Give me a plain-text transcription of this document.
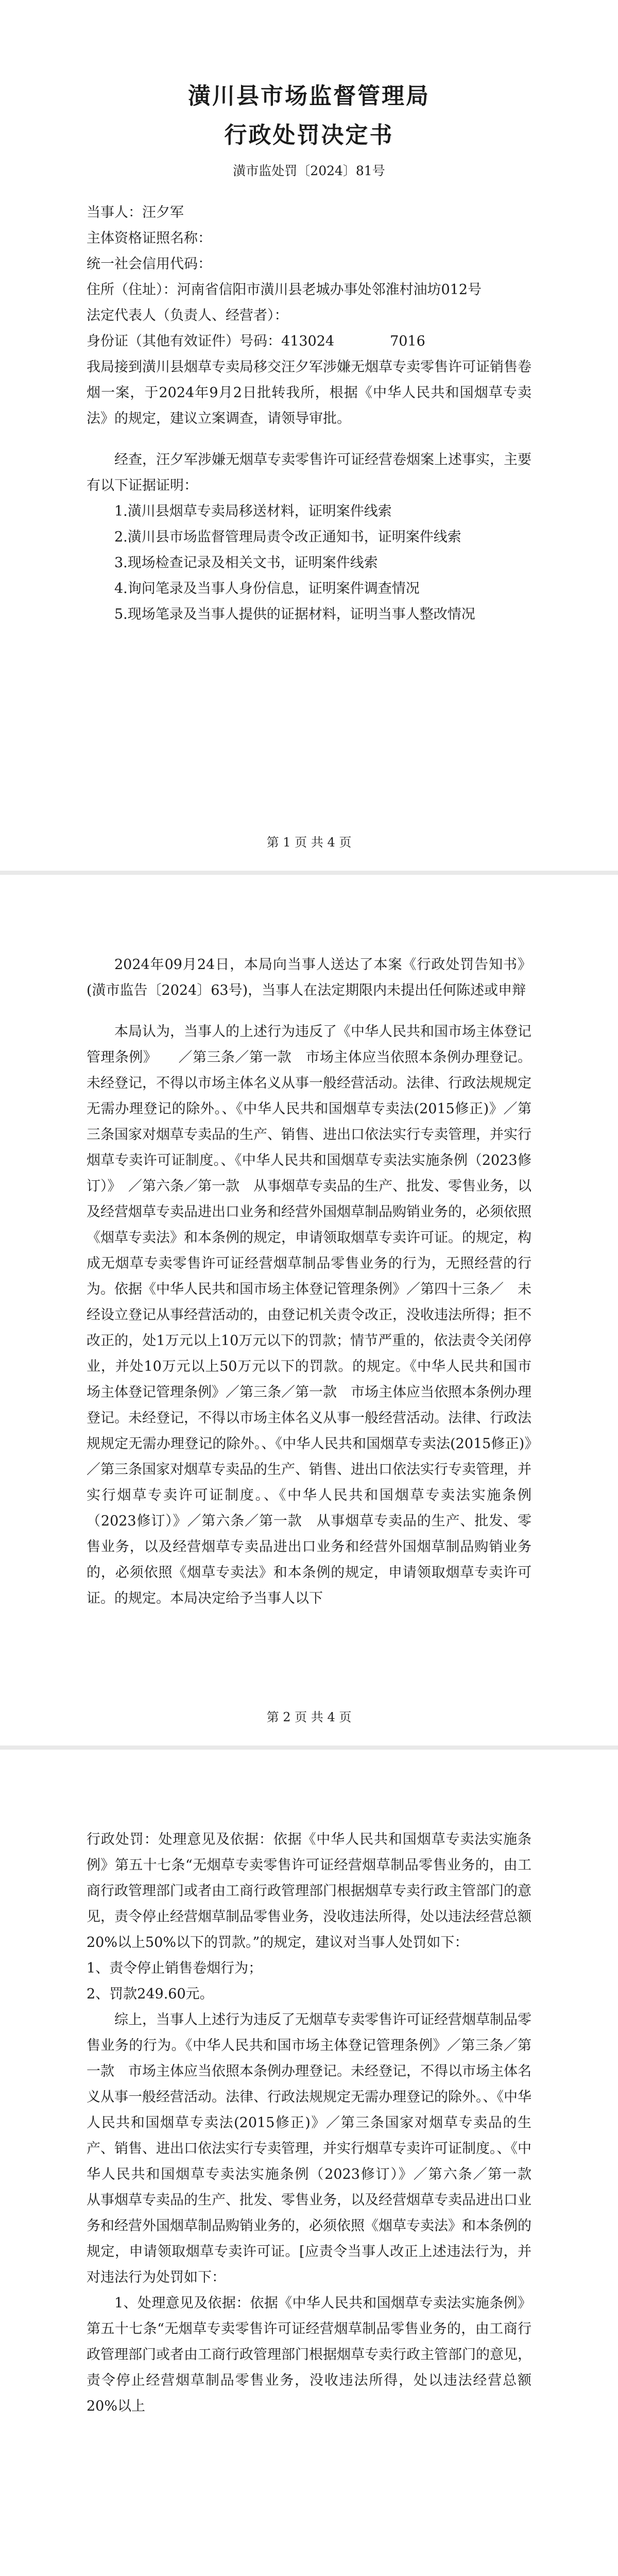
潢川县市场监督管理局
行政处罚决定书
潢市监处罚〔2024〕81号

当事人：汪夕军

主体资格证照名称：

统一社会信用代码：

住所（住址）：河南省信阳市潢川县老城办事处邻淮村油坊012号

法定代表人（负责人、经营者）：

身份证（其他有效证件）号码：413024　　　　7016

我局接到潢川县烟草专卖局移交汪夕军涉嫌无烟草专卖零售许可证销售卷烟一案，于2024年9月2日批转我所，根据《中华人民共和国烟草专卖法》的规定，建议立案调查，请领导审批。

经查，汪夕军涉嫌无烟草专卖零售许可证经营卷烟案上述事实，主要有以下证据证明：

1.潢川县烟草专卖局移送材料，证明案件线索

2.潢川县市场监督管理局责令改正通知书，证明案件线索

3.现场检查记录及相关文书，证明案件线索

4.询问笔录及当事人身份信息，证明案件调查情况

5.现场笔录及当事人提供的证据材料，证明当事人整改情况

第 1 页 共 4 页

2024年09月24日，本局向当事人送达了本案《行政处罚告知书》(潢市监告〔2024〕63号)，当事人在法定期限内未提出任何陈述或申辩

本局认为，当事人的上述行为违反了《中华人民共和国市场主体登记管理条例》　　／第三条／第一款　市场主体应当依照本条例办理登记。未经登记，不得以市场主体名义从事一般经营活动。法律、行政法规规定无需办理登记的除外。、《中华人民共和国烟草专卖法(2015修正)》／第三条国家对烟草专卖品的生产、销售、进出口依法实行专卖管理，并实行烟草专卖许可证制度。、《中华人民共和国烟草专卖法实施条例（2023修订）》　／第六条／第一款　从事烟草专卖品的生产、批发、零售业务，以及经营烟草专卖品进出口业务和经营外国烟草制品购销业务的，必须依照《烟草专卖法》和本条例的规定，申请领取烟草专卖许可证。的规定，构成无烟草专卖零售许可证经营烟草制品零售业务的行为，无照经营的行为。依据《中华人民共和国市场主体登记管理条例》／第四十三条／　未经设立登记从事经营活动的，由登记机关责令改正，没收违法所得；拒不改正的，处1万元以上10万元以下的罚款；情节严重的，依法责令关闭停业，并处10万元以上50万元以下的罚款。的规定。《中华人民共和国市场主体登记管理条例》／第三条／第一款　市场主体应当依照本条例办理登记。未经登记，不得以市场主体名义从事一般经营活动。法律、行政法规规定无需办理登记的除外。、《中华人民共和国烟草专卖法(2015修正)》／第三条国家对烟草专卖品的生产、销售、进出口依法实行专卖管理，并实行烟草专卖许可证制度。、《中华人民共和国烟草专卖法实施条例（2023修订）》／第六条／第一款　从事烟草专卖品的生产、批发、零售业务，以及经营烟草专卖品进出口业务和经营外国烟草制品购销业务的，必须依照《烟草专卖法》和本条例的规定，申请领取烟草专卖许可证。的规定。本局决定给予当事人以下

第 2 页 共 4 页

行政处罚：处理意见及依据：依据《中华人民共和国烟草专卖法实施条例》第五十七条“无烟草专卖零售许可证经营烟草制品零售业务的，由工商行政管理部门或者由工商行政管理部门根据烟草专卖行政主管部门的意见，责令停止经营烟草制品零售业务，没收违法所得，处以违法经营总额20%以上50%以下的罚款。”的规定，建议对当事人处罚如下：

1、责令停止销售卷烟行为；

2、罚款249.60元。

综上，当事人上述行为违反了无烟草专卖零售许可证经营烟草制品零售业务的行为。《中华人民共和国市场主体登记管理条例》／第三条／第一款　市场主体应当依照本条例办理登记。未经登记，不得以市场主体名义从事一般经营活动。法律、行政法规规定无需办理登记的除外。、《中华人民共和国烟草专卖法(2015修正)》／第三条国家对烟草专卖品的生产、销售、进出口依法实行专卖管理，并实行烟草专卖许可证制度。、《中华人民共和国烟草专卖法实施条例（2023修订）》／第六条／第一款　从事烟草专卖品的生产、批发、零售业务，以及经营烟草专卖品进出口业务和经营外国烟草制品购销业务的，必须依照《烟草专卖法》和本条例的规定，申请领取烟草专卖许可证。[应责令当事人改正上述违法行为，并对违法行为处罚如下：

1、处理意见及依据：依据《中华人民共和国烟草专卖法实施条例》第五十七条“无烟草专卖零售许可证经营烟草制品零售业务的，由工商行政管理部门或者由工商行政管理部门根据烟草专卖行政主管部门的意见，责令停止经营烟草制品零售业务，没收违法所得，处以违法经营总额20%以上
